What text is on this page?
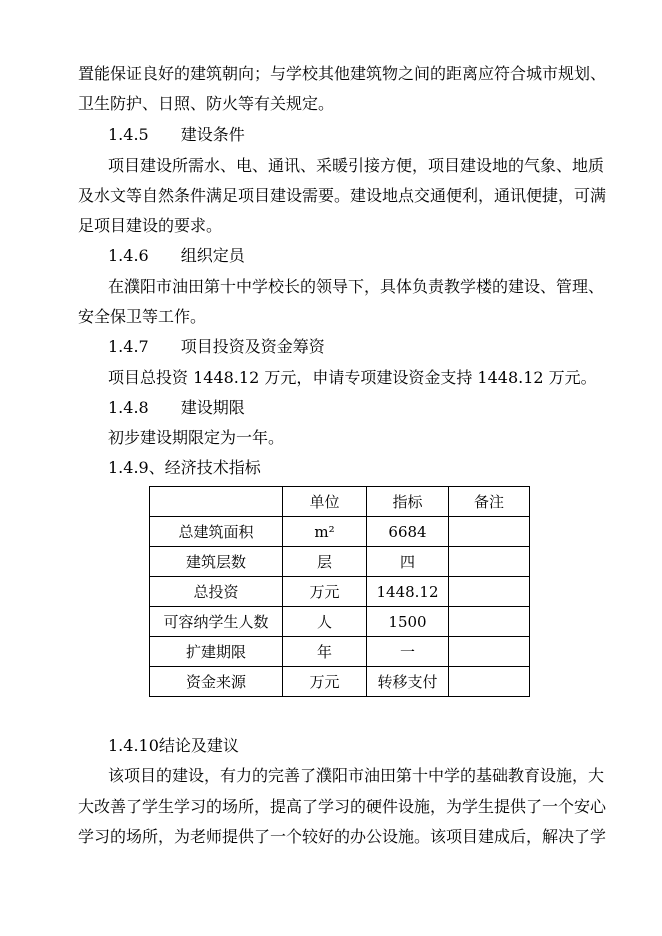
置能保证良好的建筑朝向；与学校其他建筑物之间的距离应符合城市规划、
卫生防护、日照、防火等有关规定。
1.4.5　　建设条件
项目建设所需水、电、通讯、采暖引接方便，项目建设地的气象、地质
及水文等自然条件满足项目建设需要。建设地点交通便利，通讯便捷，可满
足项目建设的要求。
1.4.6　　组织定员
在濮阳市油田第十中学校长的领导下，具体负责教学楼的建设、管理、
安全保卫等工作。
1.4.7　　项目投资及资金筹资
项目总投资 1448.12 万元，申请专项建设资金支持 1448.12 万元。
1.4.8　　建设期限
初步建设期限定为一年。
1.4.9、经济技术指标
	单位	指标	备注
总建筑面积	m²	6684	
建筑层数	层	四	
总投资	万元	1448.12	
可容纳学生人数	人	1500	
扩建期限	年	一	
资金来源	万元	转移支付	
1.4.10结论及建议
该项目的建设，有力的完善了濮阳市油田第十中学的基础教育设施，大
大改善了学生学习的场所，提高了学习的硬件设施，为学生提供了一个安心
学习的场所，为老师提供了一个较好的办公设施。该项目建成后，解决了学
